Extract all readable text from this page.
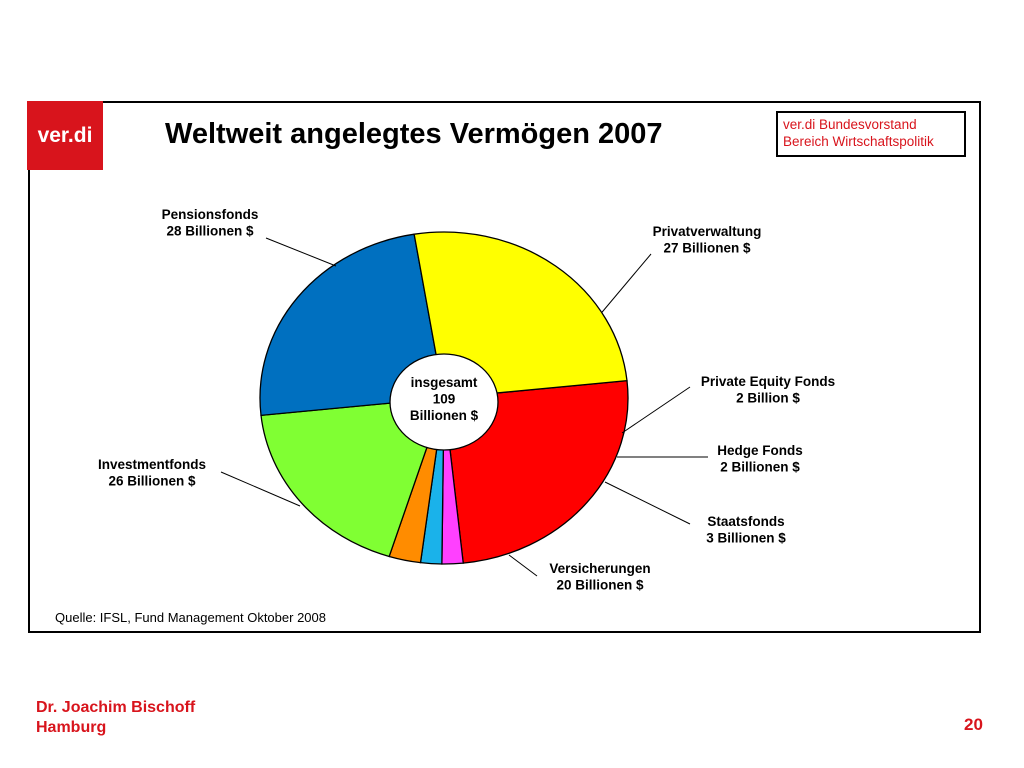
ver.di	Weltweit angelegtes Vermögen 2007	ver.di Bundesvorstand
Bereich Wirtschaftspolitik
Privatverwaltung 27 Billionen $
Private Equity Fonds 2 Billion $
Hedge Fonds 2 Billionen $
Staatsfonds 3 Billionen $
Versicherungen 20 Billionen $
Investmentfonds 26 Billionen $
Pensionsfonds 28 Billionen $
insgesamt 109 Billionen $
Quelle: IFSL, Fund Management Oktober 2008
Dr. Joachim Bischoff
Hamburg	20
